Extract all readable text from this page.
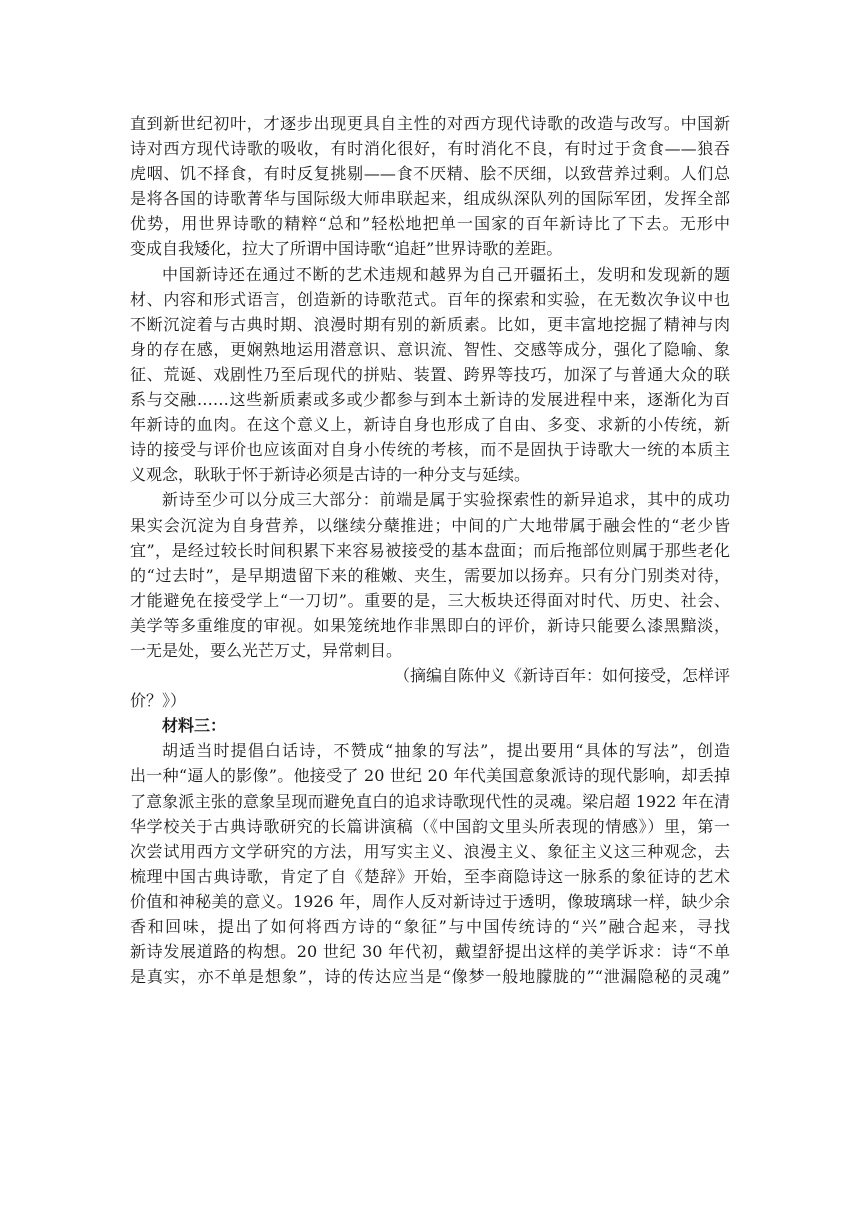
直到新世纪初叶，才逐步出现更具自主性的对西方现代诗歌的改造与改写。中国新
诗对西方现代诗歌的吸收，有时消化很好，有时消化不良，有时过于贪食——狼吞
虎咽、饥不择食，有时反复挑剔——食不厌精、脍不厌细，以致营养过剩。人们总
是将各国的诗歌菁华与国际级大师串联起来，组成纵深队列的国际军团，发挥全部
优势，用世界诗歌的精粹“总和”轻松地把单一国家的百年新诗比了下去。无形中
变成自我矮化，拉大了所谓中国诗歌“追赶”世界诗歌的差距。
中国新诗还在通过不断的艺术违规和越界为自己开疆拓土，发明和发现新的题
材、内容和形式语言，创造新的诗歌范式。百年的探索和实验，在无数次争议中也
不断沉淀着与古典时期、浪漫时期有别的新质素。比如，更丰富地挖掘了精神与肉
身的存在感，更娴熟地运用潜意识、意识流、智性、交感等成分，强化了隐喻、象
征、荒诞、戏剧性乃至后现代的拼贴、装置、跨界等技巧，加深了与普通大众的联
系与交融……这些新质素或多或少都参与到本土新诗的发展进程中来，逐渐化为百
年新诗的血肉。在这个意义上，新诗自身也形成了自由、多变、求新的小传统，新
诗的接受与评价也应该面对自身小传统的考核，而不是固执于诗歌大一统的本质主
义观念，耿耿于怀于新诗必须是古诗的一种分支与延续。
新诗至少可以分成三大部分：前端是属于实验探索性的新异追求，其中的成功
果实会沉淀为自身营养，以继续分蘖推进；中间的广大地带属于融会性的“老少皆
宜”，是经过较长时间积累下来容易被接受的基本盘面；而后拖部位则属于那些老化
的“过去时”，是早期遗留下来的稚嫩、夹生，需要加以扬弃。只有分门别类对待，
才能避免在接受学上“一刀切”。重要的是，三大板块还得面对时代、历史、社会、
美学等多重维度的审视。如果笼统地作非黑即白的评价，新诗只能要么漆黑黯淡，
一无是处，要么光芒万丈，异常刺目。
（摘编自陈仲义《新诗百年：如何接受，怎样评
价？》）
材料三：
胡适当时提倡白话诗，不赞成“抽象的写法”，提出要用“具体的写法”，创造
出一种“逼人的影像”。他接受了 20 世纪 20 年代美国意象派诗的现代影响，却丢掉
了意象派主张的意象呈现而避免直白的追求诗歌现代性的灵魂。梁启超 1922 年在清
华学校关于古典诗歌研究的长篇讲演稿（《中国韵文里头所表现的情感》）里，第一
次尝试用西方文学研究的方法，用写实主义、浪漫主义、象征主义这三种观念，去
梳理中国古典诗歌，肯定了自《楚辞》开始，至李商隐诗这一脉系的象征诗的艺术
价值和神秘美的意义。1926 年，周作人反对新诗过于透明，像玻璃球一样，缺少余
香和回味，提出了如何将西方诗的“象征”与中国传统诗的“兴”融合起来，寻找
新诗发展道路的构想。20 世纪 30 年代初，戴望舒提出这样的美学诉求：诗“不单
是真实，亦不单是想象”，诗的传达应当是“像梦一般地朦胧的”“泄漏隐秘的灵魂”
